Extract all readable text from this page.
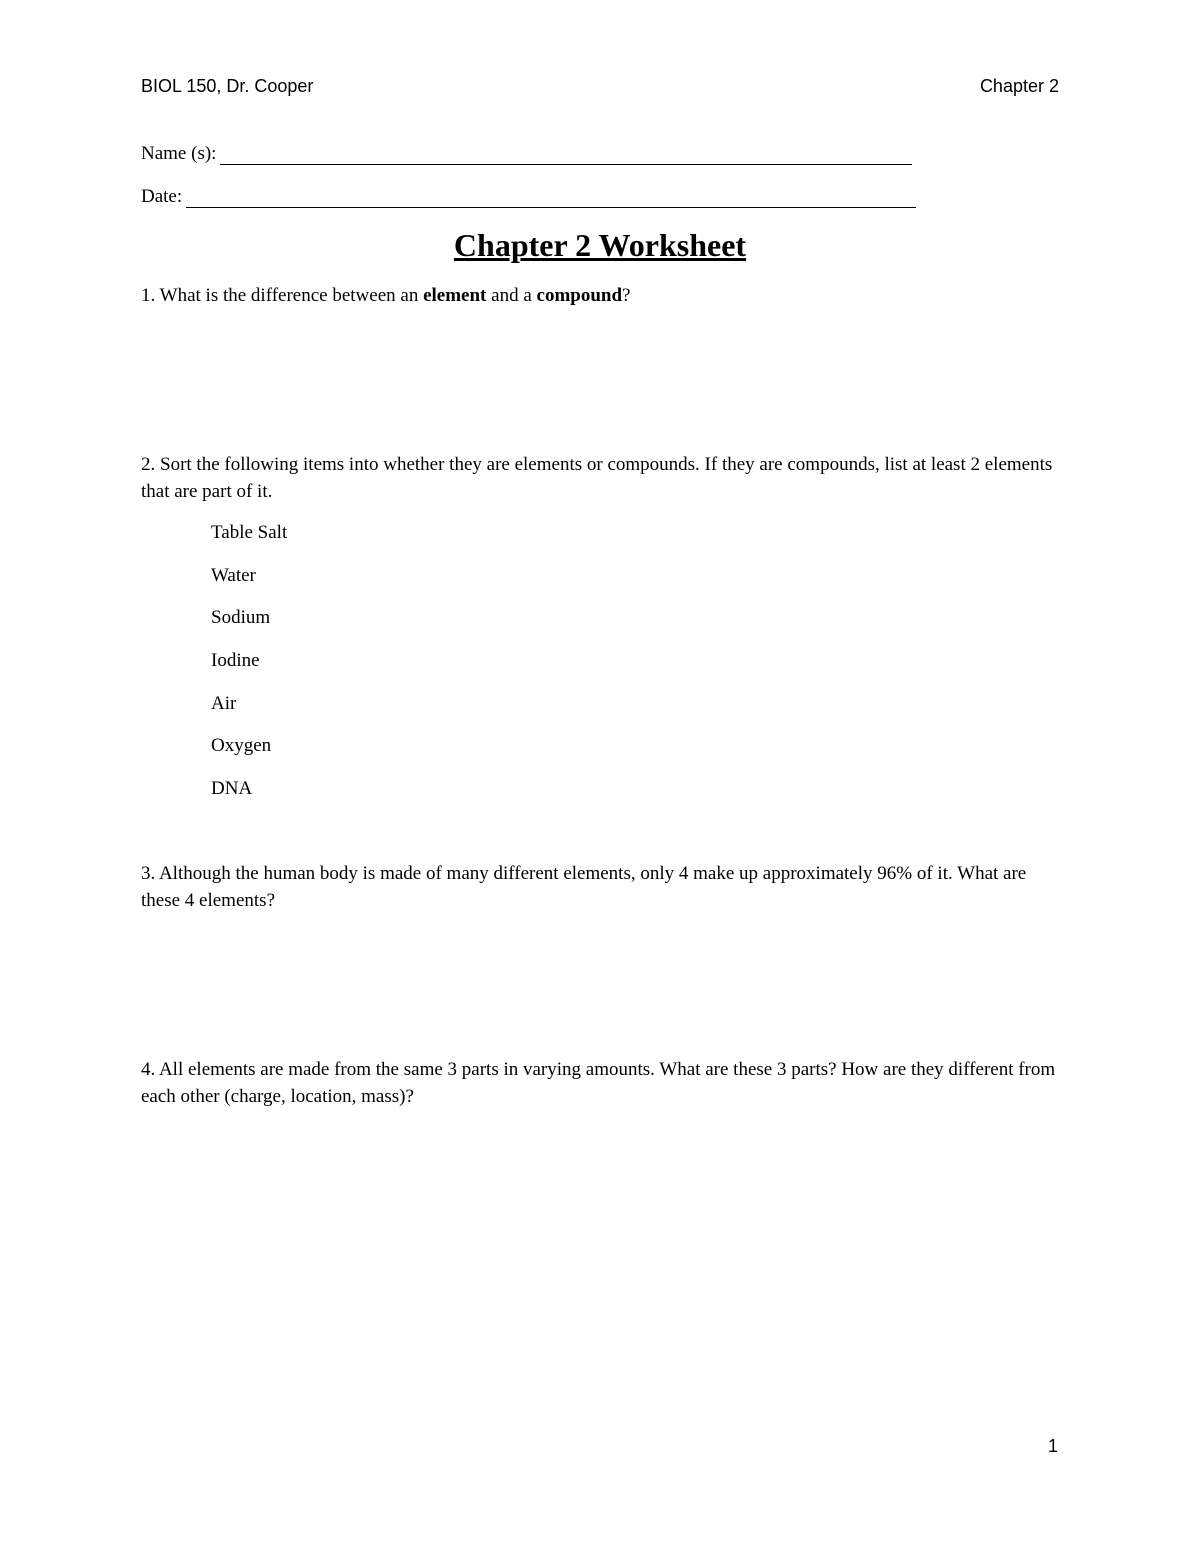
BIOL 150, Dr. Cooper	Chapter 2
Name (s):
Date:
Chapter 2 Worksheet
1. What is the difference between an element and a compound?
2. Sort the following items into whether they are elements or compounds. If they are compounds, list at least 2 elements that are part of it.
Table Salt
Water
Sodium
Iodine
Air
Oxygen
DNA
3. Although the human body is made of many different elements, only 4 make up approximately 96% of it. What are these 4 elements?
4. All elements are made from the same 3 parts in varying amounts. What are these 3 parts? How are they different from each other (charge, location, mass)?
1
